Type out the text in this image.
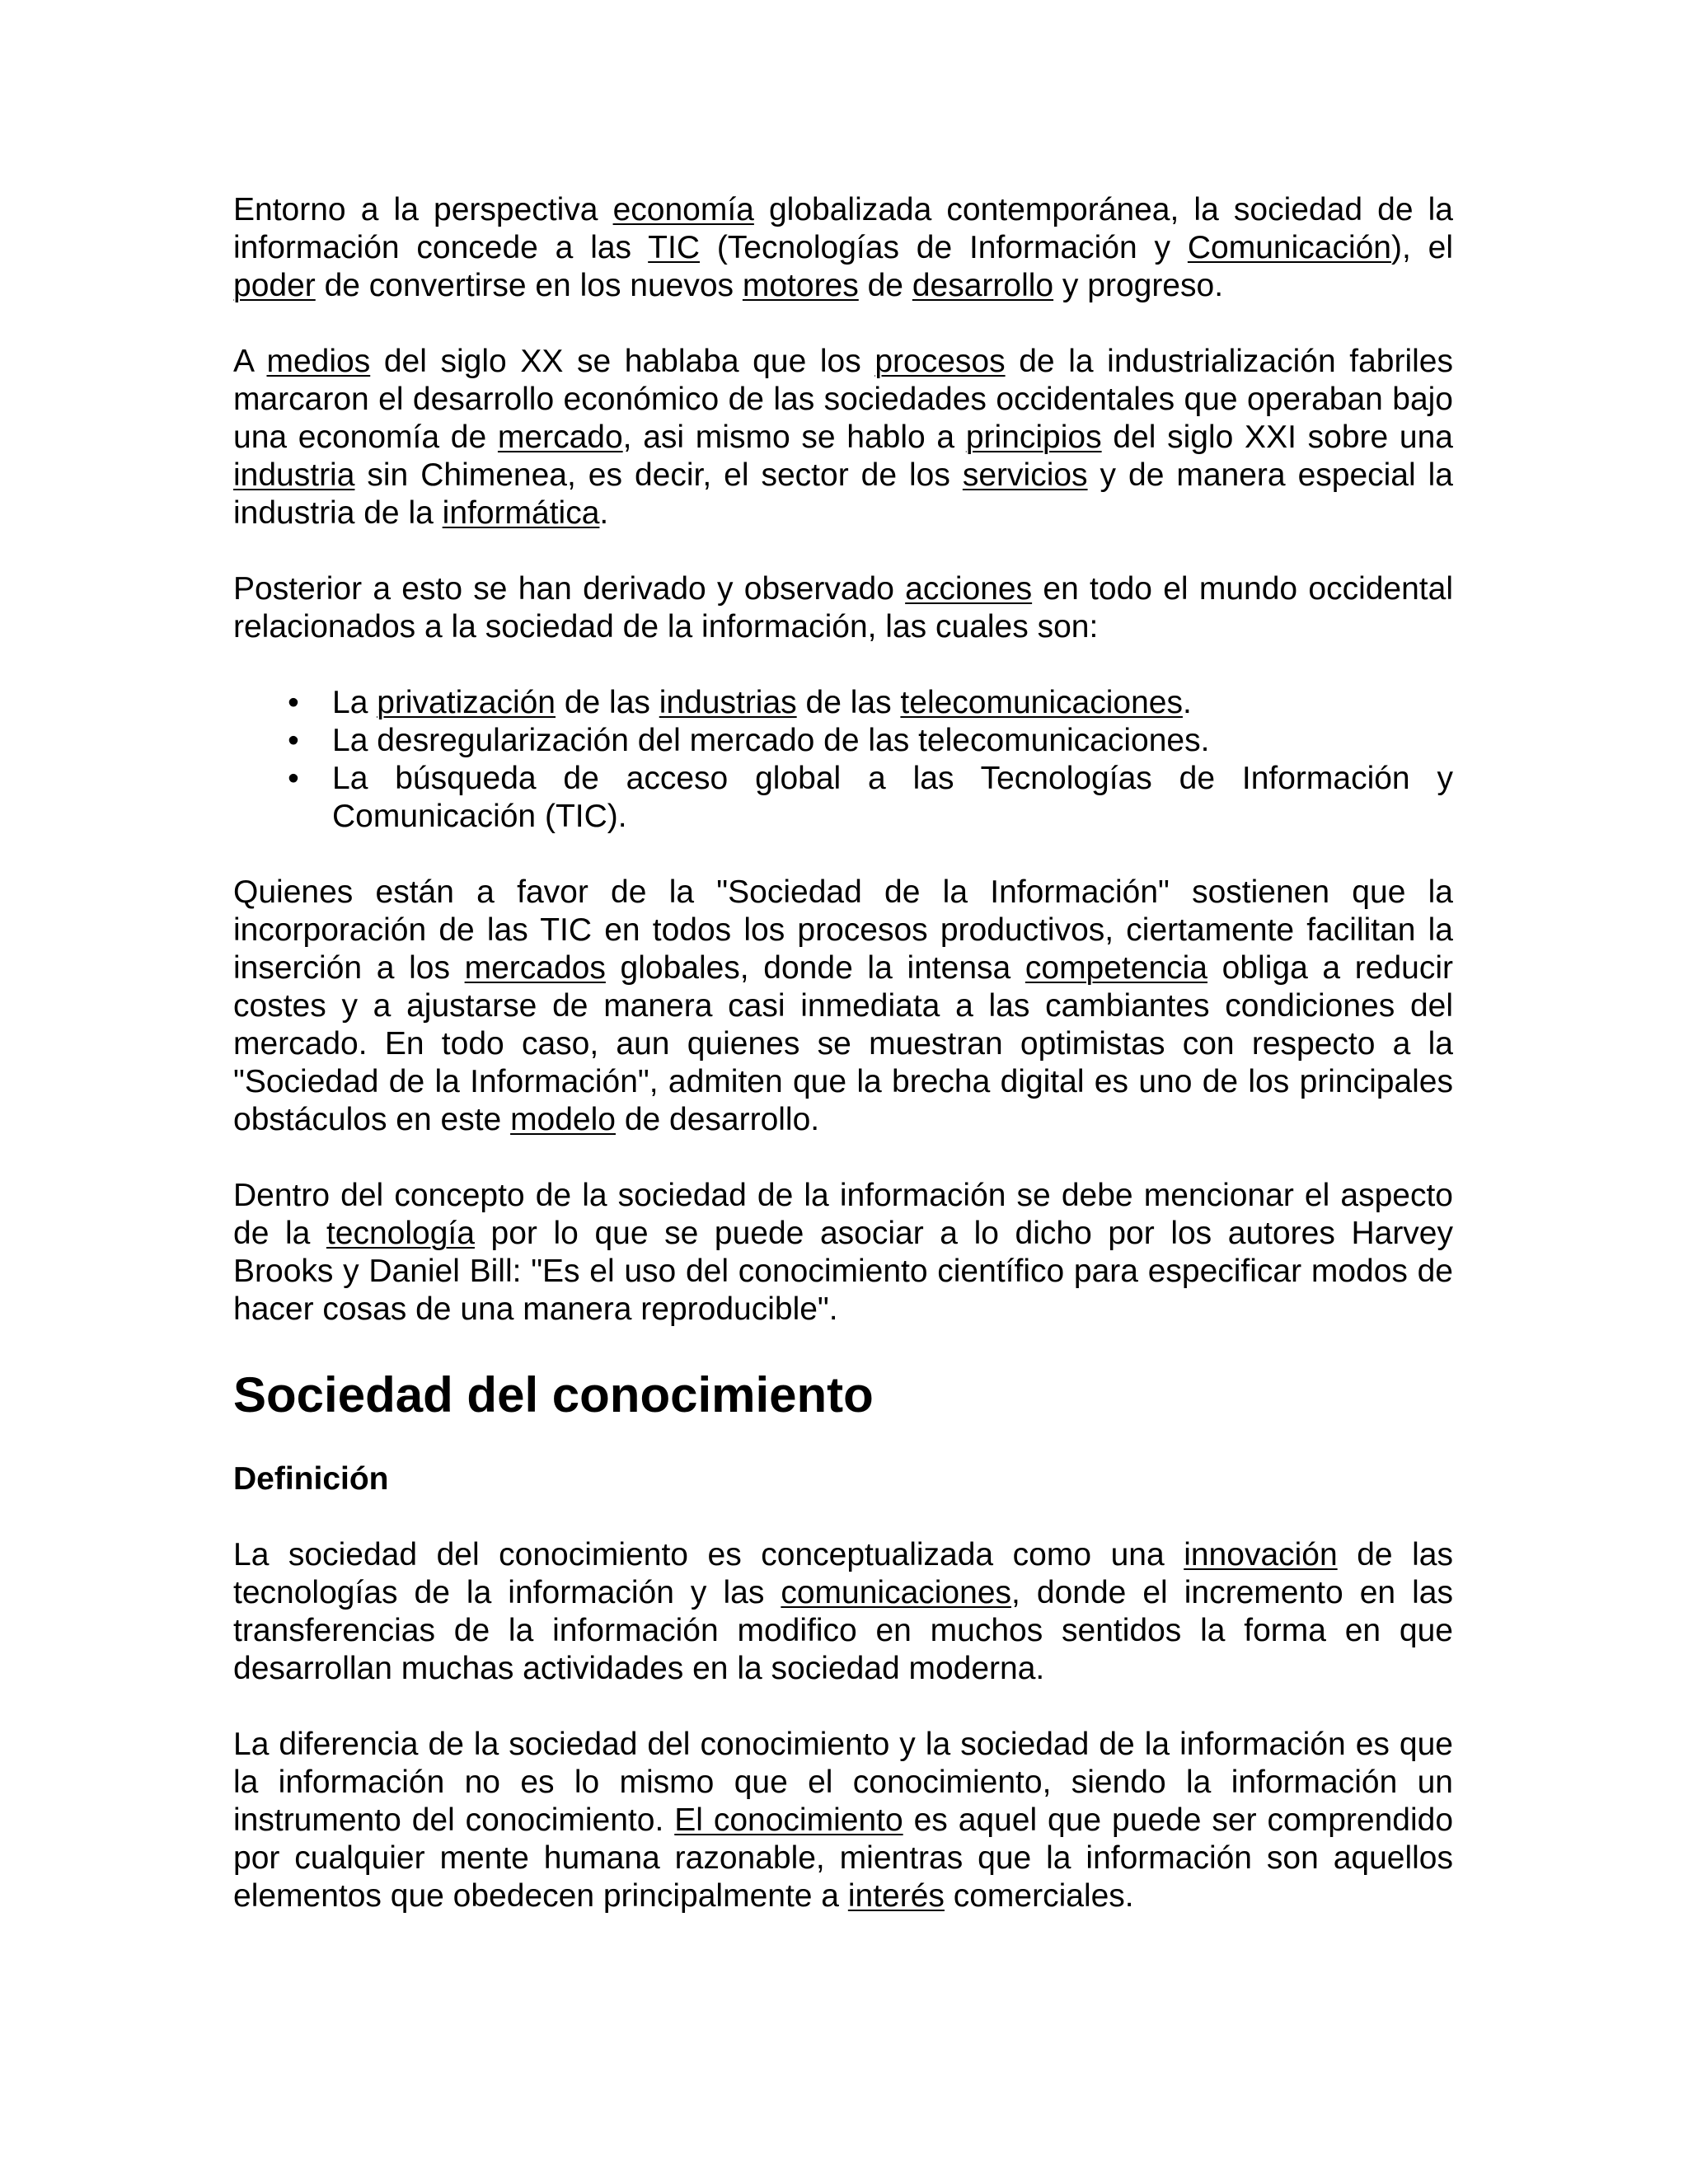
Entorno a la perspectiva economía globalizada contemporánea, la sociedad de la información concede a las TIC (Tecnologías de Información y Comunicación), el poder de convertirse en los nuevos motores de desarrollo y progreso.

A medios del siglo XX se hablaba que los procesos de la industrialización fabriles marcaron el desarrollo económico de las sociedades occidentales que operaban bajo una economía de mercado, asi mismo se hablo a principios del siglo XXI sobre una industria sin Chimenea, es decir, el sector de los servicios y de manera especial la industria de la informática.

Posterior a esto se han derivado y observado acciones en todo el mundo occidental relacionados a la sociedad de la información, las cuales son:

• La privatización de las industrias de las telecomunicaciones.
• La desregularización del mercado de las telecomunicaciones.
• La búsqueda de acceso global a las Tecnologías de Información y Comunicación (TIC).

Quienes están a favor de la "Sociedad de la Información" sostienen que la incorporación de las TIC en todos los procesos productivos, ciertamente facilitan la inserción a los mercados globales, donde la intensa competencia obliga a reducir costes y a ajustarse de manera casi inmediata a las cambiantes condiciones del mercado. En todo caso, aun quienes se muestran optimistas con respecto a la "Sociedad de la Información", admiten que la brecha digital es uno de los principales obstáculos en este modelo de desarrollo.

Dentro del concepto de la sociedad de la información se debe mencionar el aspecto de la tecnología por lo que se puede asociar a lo dicho por los autores Harvey Brooks y Daniel Bill: "Es el uso del conocimiento científico para especificar modos de hacer cosas de una manera reproducible".

Sociedad del conocimiento
Definición

La sociedad del conocimiento es conceptualizada como una innovación de las tecnologías de la información y las comunicaciones, donde el incremento en las transferencias de la información modifico en muchos sentidos la forma en que desarrollan muchas actividades en la sociedad moderna.

La diferencia de la sociedad del conocimiento y la sociedad de la información es que la información no es lo mismo que el conocimiento, siendo la información un instrumento del conocimiento. El conocimiento es aquel que puede ser comprendido por cualquier mente humana razonable, mientras que la información son aquellos elementos que obedecen principalmente a interés comerciales.
